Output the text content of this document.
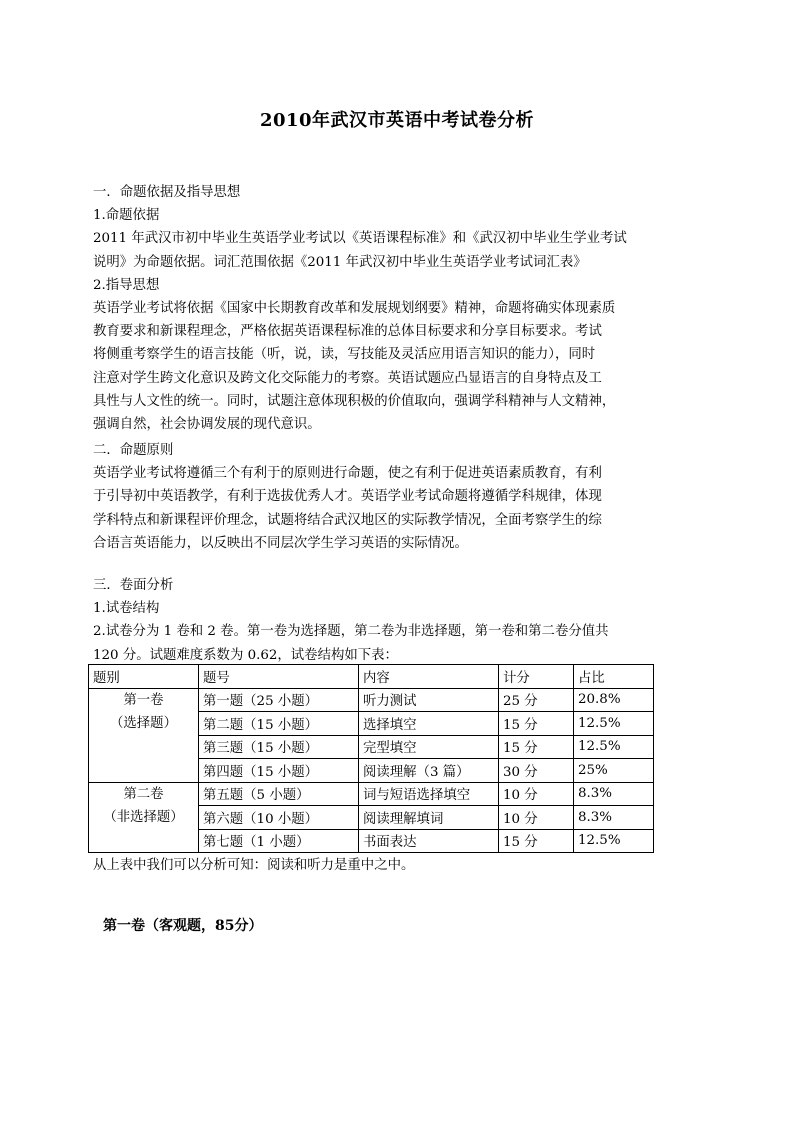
2010年武汉市英语中考试卷分析
一．命题依据及指导思想
1.命题依据
2011 年武汉市初中毕业生英语学业考试以《英语课程标准》和《武汉初中毕业生学业考试
说明》为命题依据。词汇范围依据《2011 年武汉初中毕业生英语学业考试词汇表》
2.指导思想
英语学业考试将依据《国家中长期教育改革和发展规划纲要》精神，命题将确实体现素质
教育要求和新课程理念，严格依据英语课程标准的总体目标要求和分享目标要求。考试
将侧重考察学生的语言技能（听，说，读，写技能及灵活应用语言知识的能力），同时
注意对学生跨文化意识及跨文化交际能力的考察。英语试题应凸显语言的自身特点及工
具性与人文性的统一。同时，试题注意体现积极的价值取向，强调学科精神与人文精神，
强调自然，社会协调发展的现代意识。
二．命题原则
英语学业考试将遵循三个有利于的原则进行命题，使之有利于促进英语素质教育，有利
于引导初中英语教学，有利于选拔优秀人才。英语学业考试命题将遵循学科规律，体现
学科特点和新课程评价理念，试题将结合武汉地区的实际教学情况，全面考察学生的综
合语言英语能力，以反映出不同层次学生学习英语的实际情况。
三．卷面分析
1.试卷结构
2.试卷分为 1 卷和 2 卷。第一卷为选择题，第二卷为非选择题，第一卷和第二卷分值共
120 分。试题难度系数为 0.62，试卷结构如下表：
题别	题号	内容	计分	占比

第一卷
（选择题）	第一题（25 小题）	听力测试	25 分	20.8%
	第二题（15 小题）	选择填空	15 分	12.5%
	第三题（15 小题）	完型填空	15 分	12.5%
	第四题（15 小题）	阅读理解（3 篇）	30 分	25%

第二卷
（非选择题）	第五题（5 小题）	词与短语选择填空	10 分	8.3%
	第六题（10 小题）	阅读理解填词	10 分	8.3%
	第七题（1 小题）	书面表达	15 分	12.5%
从上表中我们可以分析可知：阅读和听力是重中之中。
第一卷（客观题，85分）
